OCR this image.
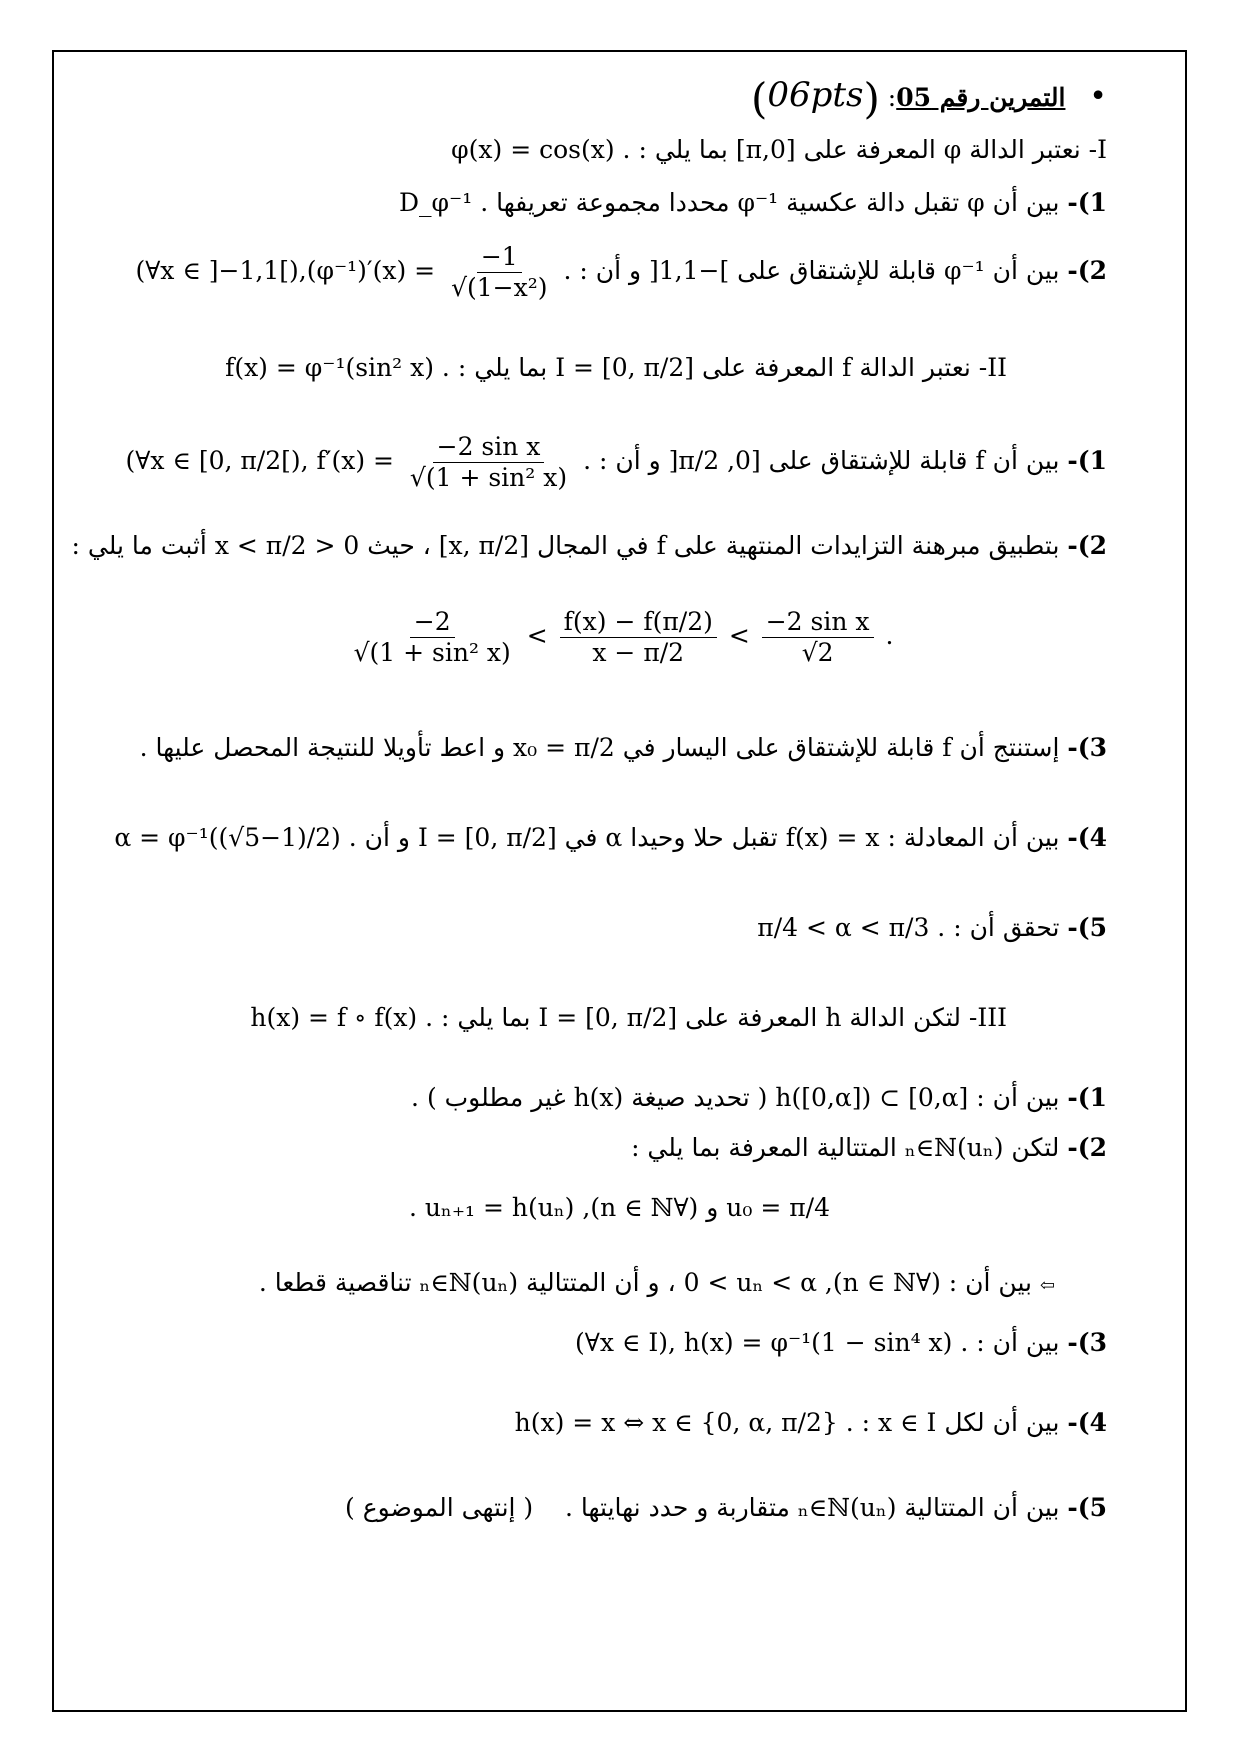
•   التمرين رقم 05: (06pts)
I- نعتبر الدالة φ المعرفة على [0,π] بما يلي : φ(x) = cos(x) .
1)- بين أن φ تقبل دالة عكسية φ⁻¹ محددا مجموعة تعريفها D_φ⁻¹ .
2)- بين أن φ⁻¹ قابلة للإشتقاق على ]−1,1[ و أن : (∀x ∈ ]$-1,1[),(\varphi^{-1})'(x) = \frac{-1}{\text{√(1−x²)}}$ .
II- نعتبر الدالة f المعرفة على I = [0, π/2] بما يلي : f(x) = φ⁻¹(sin² x) .
1)- بين أن f قابلة للإشتقاق على [0, π/2[ و أن : (∀x ∈ [0, π/2[), $f'(x) = \frac{\text{−2 sin x}}{\text{√(1 + sin² x)}}$ .
2)- بتطبيق مبرهنة التزايدات المنتهية على f في المجال [x, π/2] ، حيث 0 < x < π/2 أثبت ما يلي :
$\frac{-2}{\text{√(1 + sin² x)}} < \frac{f(x) - f(\pi/2)}{x - \pi/2} < \frac{\text{−2 sin x}}{√2}$ .
3)- إستنتج أن f قابلة للإشتقاق على اليسار في x₀ = π/2 و اعط تأويلا للنتيجة المحصل عليها .
4)- بين أن المعادلة : f(x) = x تقبل حلا وحيدا α في I = [0, π/2] و أن α = φ⁻¹((√5−1)/2) .
5)- تحقق أن : π/4 < α < π/3 .
III- لتكن الدالة h المعرفة على I = [0, π/2] بما يلي : h(x) = f ∘ f(x) .
1)- بين أن : h([0,α]) ⊂ [0,α] ( تحديد صيغة h(x) غير مطلوب ) .
2)- لتكن (uₙ)ₙ∈ℕ المتتالية المعرفة بما يلي :
u₀ = π/4 و (∀n ∈ ℕ), uₙ₊₁ = h(uₙ) .
⇦ بين أن : (∀n ∈ ℕ), 0 < uₙ < α ، و أن المتتالية (uₙ)ₙ∈ℕ تناقصية قطعا .
3)- بين أن : (∀x ∈ I), h(x) = φ⁻¹(1 − sin⁴ x) .
4)- بين أن لكل x ∈ I : h(x) = x ⇔ x ∈ {0, α, π/2} .
5)- بين أن المتتالية (uₙ)ₙ∈ℕ متقاربة و حدد نهايتها .    ( إنتهى الموضوع )
